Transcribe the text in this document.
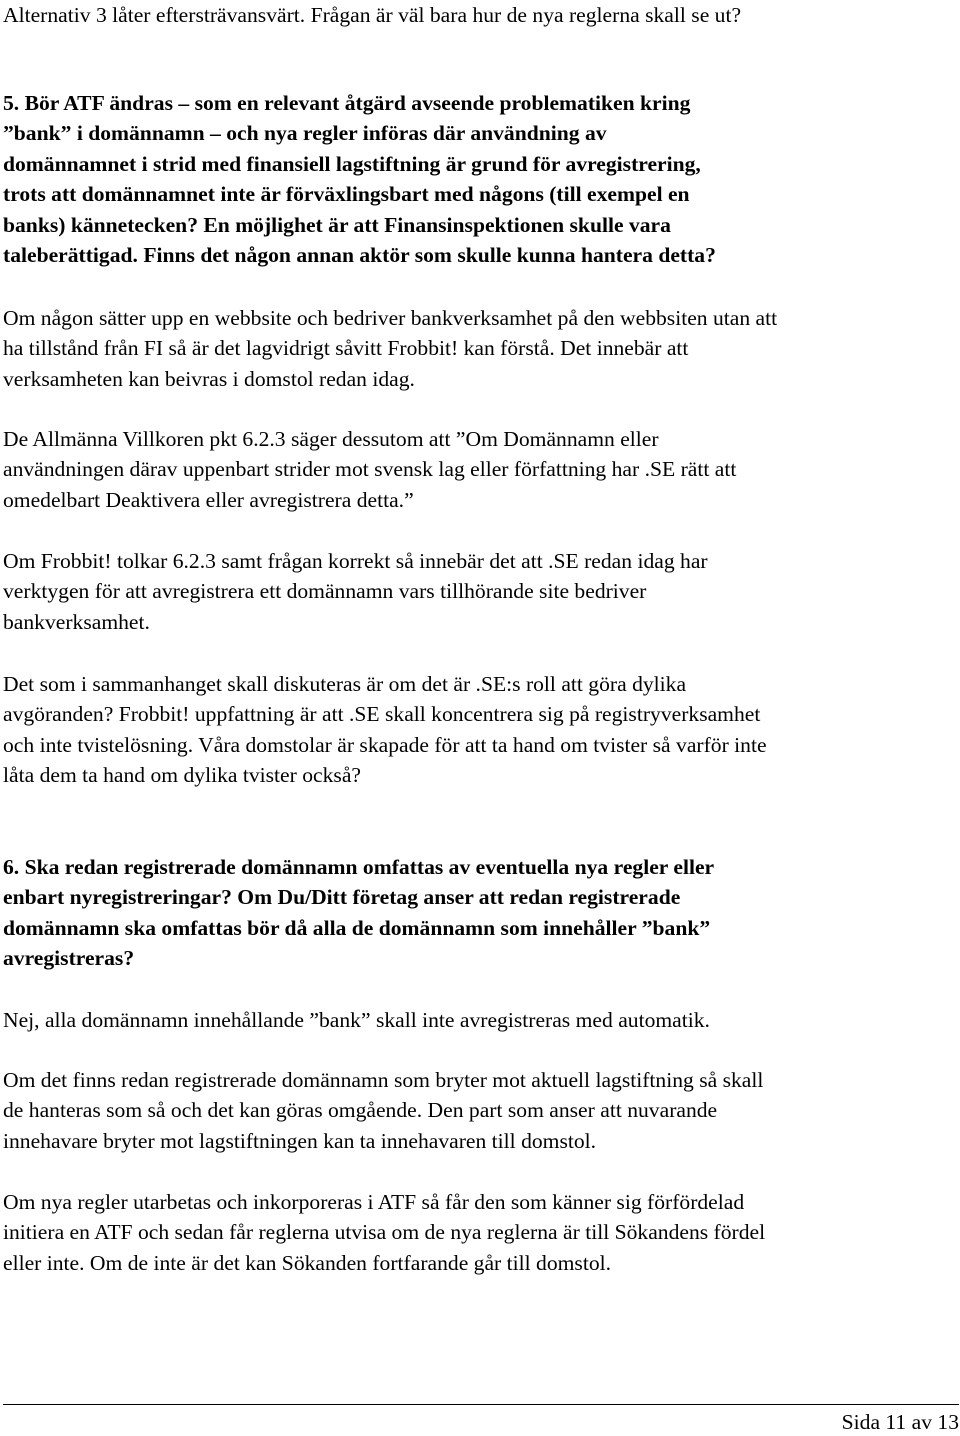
Alternativ 3 låter eftersträvansvärt. Frågan är väl bara hur de nya reglerna skall se ut?

5. Bör ATF ändras – som en relevant åtgärd avseende problematiken kring
”bank” i domännamn – och nya regler införas där användning av
domännamnet i strid med finansiell lagstiftning är grund för avregistrering,
trots att domännamnet inte är förväxlingsbart med någons (till exempel en
banks) kännetecken? En möjlighet är att Finansinspektionen skulle vara
taleberättigad. Finns det någon annan aktör som skulle kunna hantera detta?

Om någon sätter upp en webbsite och bedriver bankverksamhet på den webbsiten utan att
ha tillstånd från FI så är det lagvidrigt såvitt Frobbit! kan förstå. Det innebär att
verksamheten kan beivras i domstol redan idag.

De Allmänna Villkoren pkt 6.2.3 säger dessutom att ”Om Domännamn eller
användningen därav uppenbart strider mot svensk lag eller författning har .SE rätt att
omedelbart Deaktivera eller avregistrera detta.”

Om Frobbit! tolkar 6.2.3 samt frågan korrekt så innebär det att .SE redan idag har
verktygen för att avregistrera ett domännamn vars tillhörande site bedriver
bankverksamhet.

Det som i sammanhanget skall diskuteras är om det är .SE:s roll att göra dylika
avgöranden? Frobbit! uppfattning är att .SE skall koncentrera sig på registryverksamhet
och inte tvistelösning. Våra domstolar är skapade för att ta hand om tvister så varför inte
låta dem ta hand om dylika tvister också?

6. Ska redan registrerade domännamn omfattas av eventuella nya regler eller
enbart nyregistreringar? Om Du/Ditt företag anser att redan registrerade
domännamn ska omfattas bör då alla de domännamn som innehåller ”bank”
avregistreras?

Nej, alla domännamn innehållande ”bank” skall inte avregistreras med automatik.

Om det finns redan registrerade domännamn som bryter mot aktuell lagstiftning så skall
de hanteras som så och det kan göras omgående. Den part som anser att nuvarande
innehavare bryter mot lagstiftningen kan ta innehavaren till domstol.

Om nya regler utarbetas och inkorporeras i ATF så får den som känner sig förfördelad
initiera en ATF och sedan får reglerna utvisa om de nya reglerna är till Sökandens fördel
eller inte. Om de inte är det kan Sökanden fortfarande går till domstol.

Sida 11 av 13
